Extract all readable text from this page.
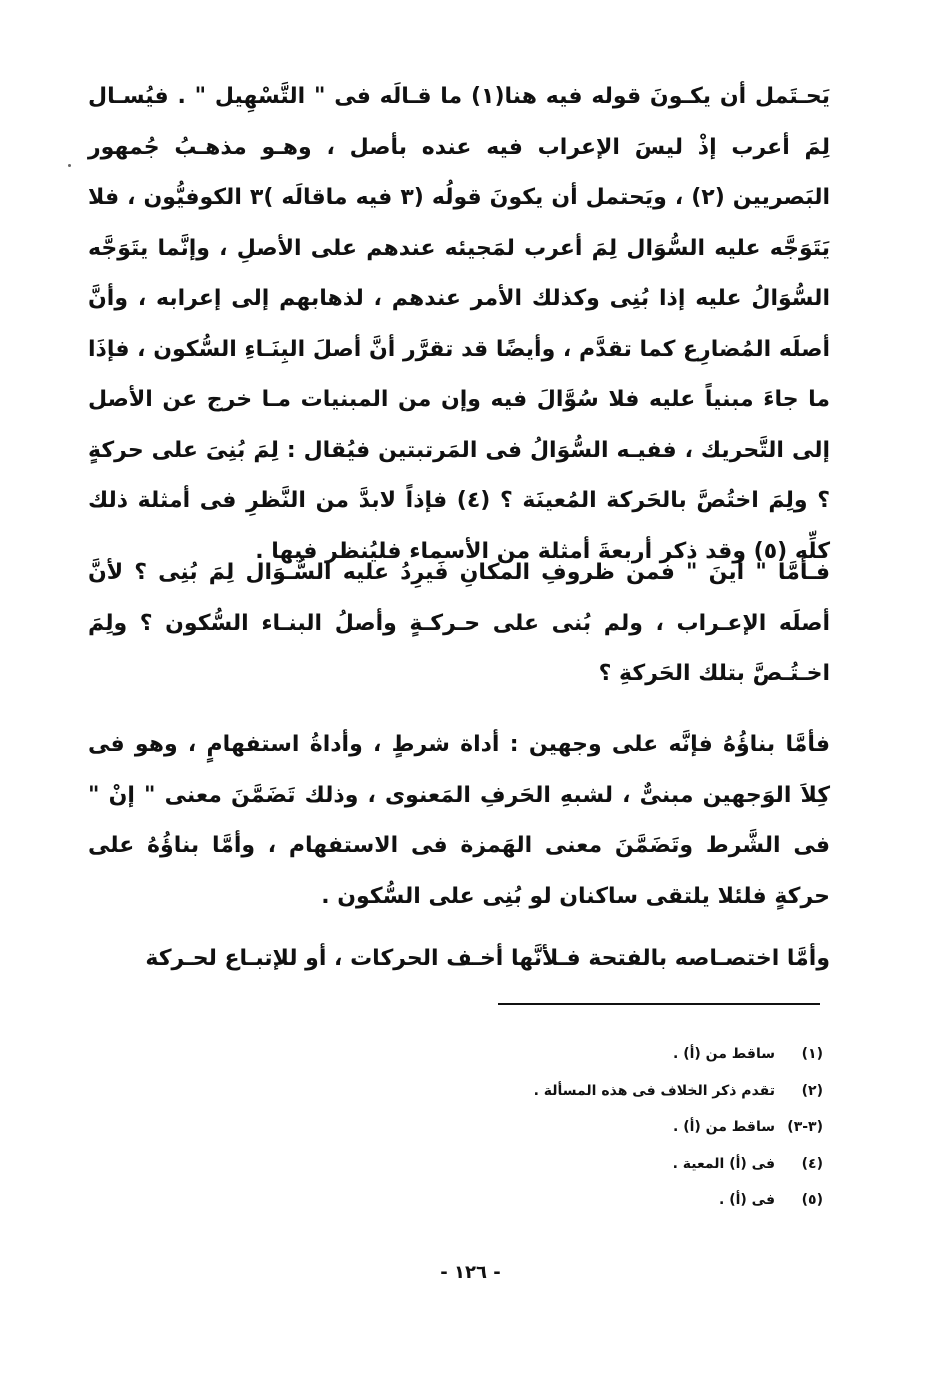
يَحـتَمل أن يكـونَ قوله فيه هنا(١) ما قـالَه فى " التَّسْهِيل " . فيُسـال لِمَ أعرب إذْ ليسَ الإعراب فيه عنده بأصل ، وهـو مذهـبُ جُمهور البَصريين (٢) ، ويَحتمل أن يكونَ قولُه (٣ فيه ماقالَه )٣ الكوفيُّون ، فلا يَتَوَجَّه عليه السُّوَال لِمَ أعرب لمَجيئه عندهم على الأصلِ ، وإنَّما يتَوَجَّه السُّوَالُ عليه إذا بُنِى وكذلك الأمر عندهم ، لذهابهم إلى إعرابه ، وأنَّ أصلَه المُضارِع كما تقدَّم ، وأيضًا قد تقرَّر أنَّ أصلَ البِنَـاءِ السُّكون ، فإذَا ما جاءَ مبنياً عليه فلا سُوَّالَ فيه وإن من المبنيات مـا خرج عن الأصل إلى التَّحريك ، ففيـه السُّوَالُ فى المَرتبتين فيُقال : لِمَ بُنِىَ على حركةٍ ؟ ولِمَ اختُصَّ بالحَركة المُعينَة ؟ (٤) فإذاً لابدَّ من النَّظرِ فى أمثلة ذلك كلِّه (٥) وقد ذكر أربعةَ أمثلة من الأسماء فليُنظر فيها .
فـأمَّا " أينَ " فمن ظروفِ المكانِ فَيرِدُ عليه السُّـوَال لِمَ بُنِى ؟ لأنَّ أصلَه الإعـراب ، ولم بُنى على حـركـةٍ وأصلُ البنـاء السُّكون ؟ ولِمَ اخـتُـصَّ بتلك الحَركةِ ؟
فأمَّا بناؤُهُ فإنَّه على وجهين : أداة شرطٍ ، وأداةُ استفهامٍ ، وهو فى كِلاَ الوَجهين مبنىٌّ ، لشبهِ الحَرفِ المَعنوى ، وذلك تَضَمَّنَ معنى " إنْ " فى الشَّرط وتَضَمَّنَ معنى الهَمزة فى الاستفهام ، وأمَّا بناؤُهُ على حركةٍ فلئلا يلتقى ساكنان لو بُنِى على السُّكون .
وأمَّا اختصـاصه بالفتحة فـلأنَّها أخـف الحركات ، أو للإتبـاع لحـركة
(١)ساقط من (أ) .
(٢)تقدم ذكر الخلاف فى هذه المسألة .
(٣-٣)ساقط من (أ) .
(٤)فى (أ) المعية .
(٥)فى (أ) .
- ١٢٦ -
